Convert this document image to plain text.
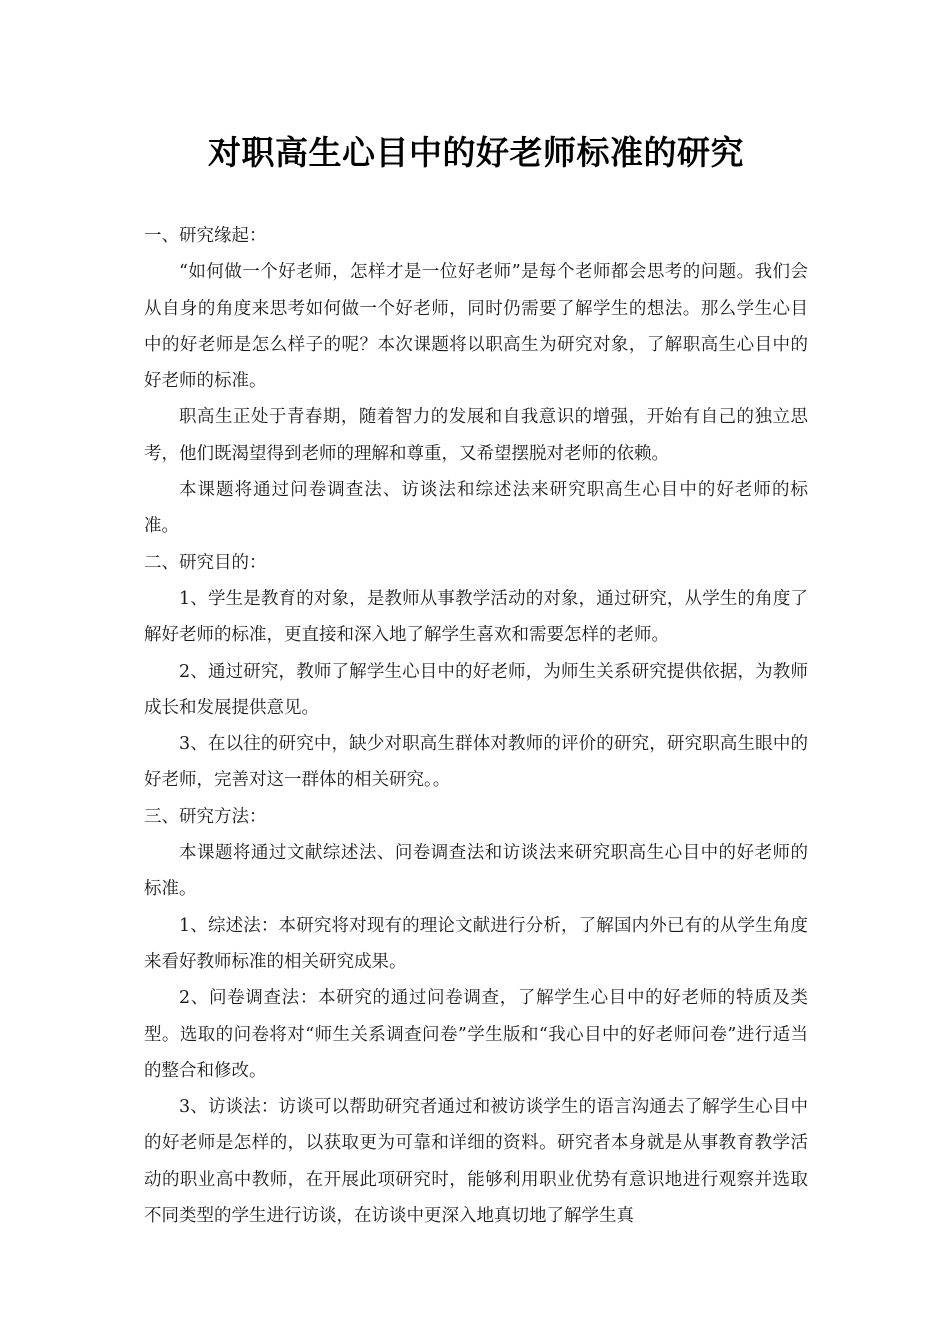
对职高生心目中的好老师标准的研究

一、研究缘起：

“如何做一个好老师，怎样才是一位好老师”是每个老师都会思考的问题。我们会从自身的角度来思考如何做一个好老师，同时仍需要了解学生的想法。那么学生心目中的好老师是怎么样子的呢？本次课题将以职高生为研究对象，了解职高生心目中的好老师的标准。

职高生正处于青春期，随着智力的发展和自我意识的增强，开始有自己的独立思考，他们既渴望得到老师的理解和尊重，又希望摆脱对老师的依赖。

本课题将通过问卷调查法、访谈法和综述法来研究职高生心目中的好老师的标准。

二、研究目的：

1、学生是教育的对象，是教师从事教学活动的对象，通过研究，从学生的角度了解好老师的标准，更直接和深入地了解学生喜欢和需要怎样的老师。

2、通过研究，教师了解学生心目中的好老师，为师生关系研究提供依据，为教师成长和发展提供意见。

3、在以往的研究中，缺少对职高生群体对教师的评价的研究，研究职高生眼中的好老师，完善对这一群体的相关研究。。

三、研究方法：

本课题将通过文献综述法、问卷调查法和访谈法来研究职高生心目中的好老师的标准。

1、综述法：本研究将对现有的理论文献进行分析，了解国内外已有的从学生角度来看好教师标准的相关研究成果。

2、问卷调查法：本研究的通过问卷调查，了解学生心目中的好老师的特质及类型。选取的问卷将对“师生关系调查问卷”学生版和“我心目中的好老师问卷”进行适当的整合和修改。

3、访谈法：访谈可以帮助研究者通过和被访谈学生的语言沟通去了解学生心目中的好老师是怎样的，以获取更为可靠和详细的资料。研究者本身就是从事教育教学活动的职业高中教师，在开展此项研究时，能够利用职业优势有意识地进行观察并选取不同类型的学生进行访谈，在访谈中更深入地真切地了解学生真
